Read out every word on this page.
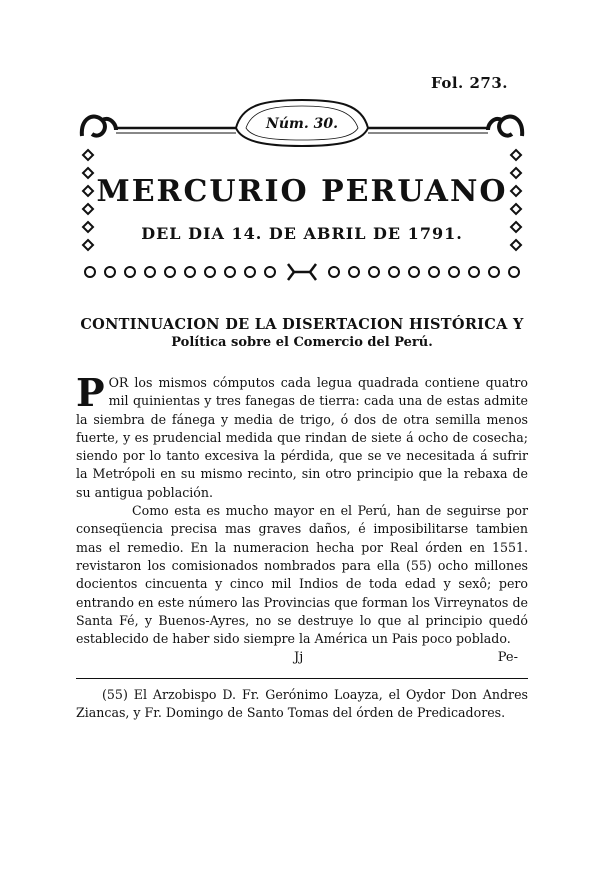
Fol. 273.
Núm. 30.
MERCURIO PERUANO
DEL DIA 14. DE ABRIL DE 1791.
CONTINUACION DE LA DISERTACION HISTÓRICA Y
Política sobre el Comercio del Perú.

POR los mismos cómputos cada legua quadrada contiene quatro mil quinientas y tres fanegas de tierra: cada una de estas admite la siembra de fánega y media de trigo, ó dos de otra semilla menos fuerte, y es prudencial medida que rindan de siete á ocho de cosecha; siendo por lo tanto excesiva la pérdida, que se ve necesitada á sufrir la Metrópoli en su mismo recinto, sin otro principio que la rebaxa de su antigua población.

Como esta es mucho mayor en el Perú, han de seguirse por conseqüencia precisa mas graves daños, é imposibilitarse tambien mas el remedio. En la numeracion hecha por Real órden en 1551. revistaron los comisionados nombrados para ella (55) ocho millones docientos cincuenta y cinco mil Indios de toda edad y sexô; pero entrando en este número las Provincias que forman los Virreynatos de Santa Fé, y Buenos-Ayres, no se destruye lo que al principio quedó establecido de haber sido siempre la América un Pais poco poblado.

Jj	Pe-
(55) El Arzobispo D. Fr. Gerónimo Loayza, el Oydor Don Andres Ziancas, y Fr. Domingo de Santo Tomas del órden de Predicadores.
